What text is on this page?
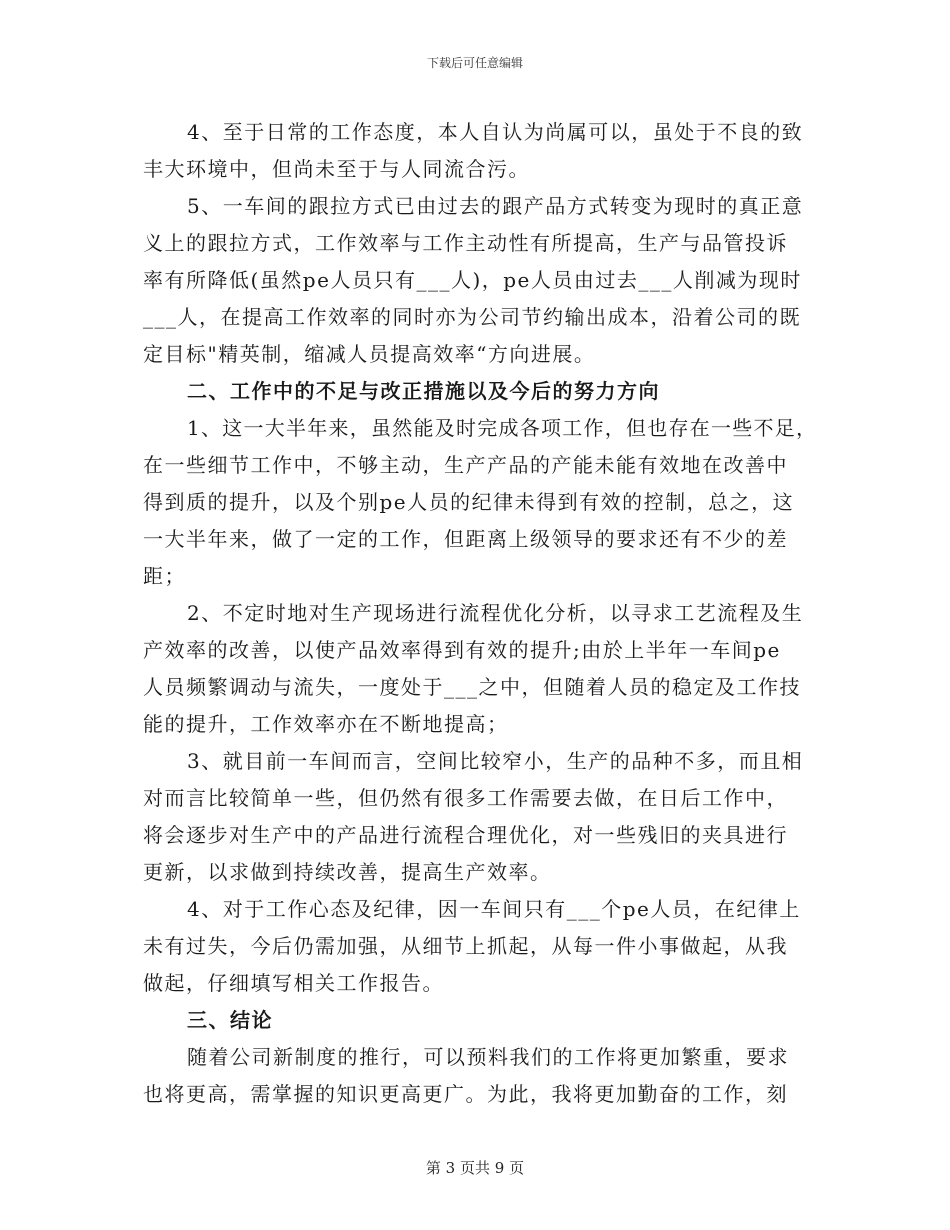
下载后可任意编辑
4、至于日常的工作态度，本人自认为尚属可以，虽处于不良的致
丰大环境中，但尚未至于与人同流合污。
5、一车间的跟拉方式已由过去的跟产品方式转变为现时的真正意
义上的跟拉方式，工作效率与工作主动性有所提高，生产与品管投诉
率有所降低(虽然pe人员只有___人)，pe人员由过去___人削减为现时
___人，在提高工作效率的同时亦为公司节约输出成本，沿着公司的既
定目标"精英制，缩减人员提高效率“方向进展。
二、工作中的不足与改正措施以及今后的努力方向
1、这一大半年来，虽然能及时完成各项工作，但也存在一些不足，
在一些细节工作中，不够主动，生产产品的产能未能有效地在改善中
得到质的提升，以及个别pe人员的纪律未得到有效的控制，总之，这
一大半年来，做了一定的工作，但距离上级领导的要求还有不少的差
距；
2、不定时地对生产现场进行流程优化分析，以寻求工艺流程及生
产效率的改善，以使产品效率得到有效的提升;由於上半年一车间pe
人员频繁调动与流失，一度处于___之中，但随着人员的稳定及工作技
能的提升，工作效率亦在不断地提高；
3、就目前一车间而言，空间比较窄小，生产的品种不多，而且相
对而言比较简单一些，但仍然有很多工作需要去做，在日后工作中，
将会逐步对生产中的产品进行流程合理优化，对一些残旧的夹具进行
更新，以求做到持续改善，提高生产效率。
4、对于工作心态及纪律，因一车间只有___个pe人员，在纪律上
未有过失，今后仍需加强，从细节上抓起，从每一件小事做起，从我
做起，仔细填写相关工作报告。
三、结论
随着公司新制度的推行，可以预料我们的工作将更加繁重，要求
也将更高，需掌握的知识更高更广。为此，我将更加勤奋的工作，刻
第 3 页共 9 页
